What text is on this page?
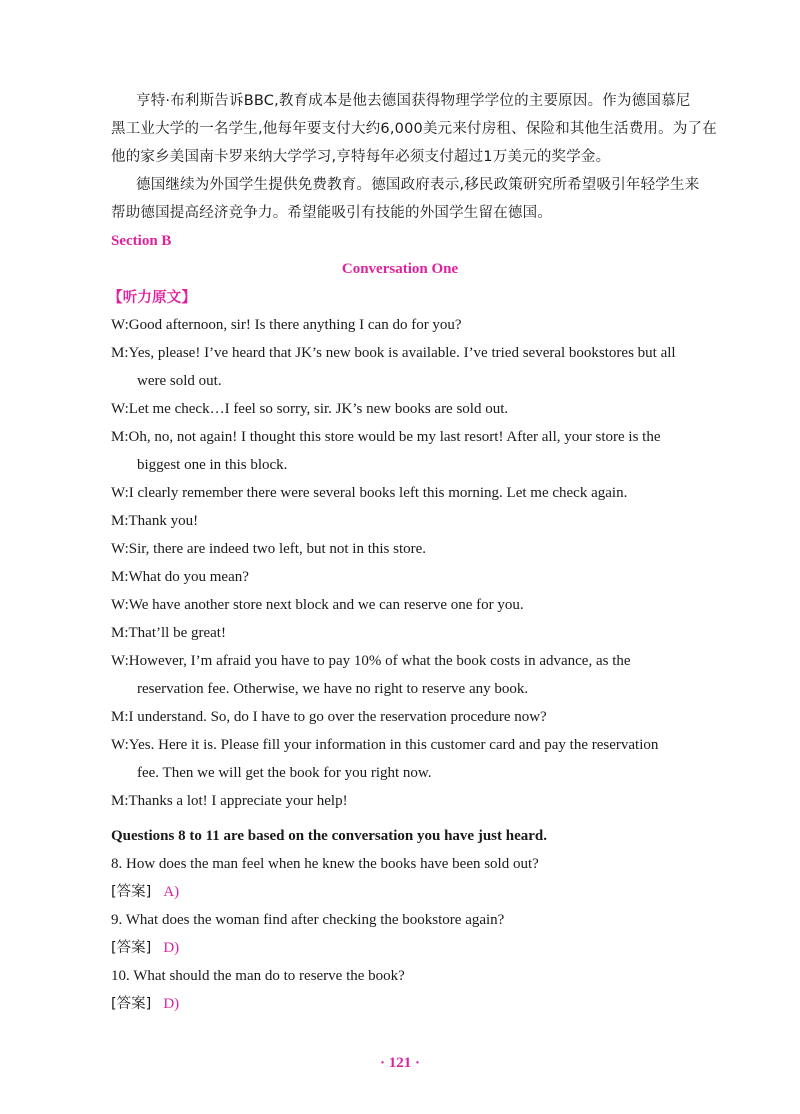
亨特·布利斯告诉BBC,教育成本是他去德国获得物理学学位的主要原因。作为德国慕尼
黑工业大学的一名学生,他每年要支付大约6,000美元来付房租、保险和其他生活费用。为了在
他的家乡美国南卡罗来纳大学学习,亨特每年必须支付超过1万美元的奖学金。
德国继续为外国学生提供免费教育。德国政府表示,移民政策研究所希望吸引年轻学生来
帮助德国提高经济竞争力。希望能吸引有技能的外国学生留在德国。
Section B
Conversation One
【听力原文】
W:Good afternoon, sir! Is there anything I can do for you?
M:Yes, please! I’ve heard that JK’s new book is available. I’ve tried several bookstores but all
were sold out.
W:Let me check…I feel so sorry, sir. JK’s new books are sold out.
M:Oh, no, not again! I thought this store would be my last resort! After all, your store is the
biggest one in this block.
W:I clearly remember there were several books left this morning. Let me check again.
M:Thank you!
W:Sir, there are indeed two left, but not in this store.
M:What do you mean?
W:We have another store next block and we can reserve one for you.
M:That’ll be great!
W:However, I’m afraid you have to pay 10% of what the book costs in advance, as the
reservation fee. Otherwise, we have no right to reserve any book.
M:I understand. So, do I have to go over the reservation procedure now?
W:Yes. Here it is. Please fill your information in this customer card and pay the reservation
fee. Then we will get the book for you right now.
M:Thanks a lot! I appreciate your help!
Questions 8 to 11 are based on the conversation you have just heard.
8. How does the man feel when he knew the books have been sold out?
[答案] A)
9. What does the woman find after checking the bookstore again?
[答案] D)
10. What should the man do to reserve the book?
[答案] D)
· 121 ·
